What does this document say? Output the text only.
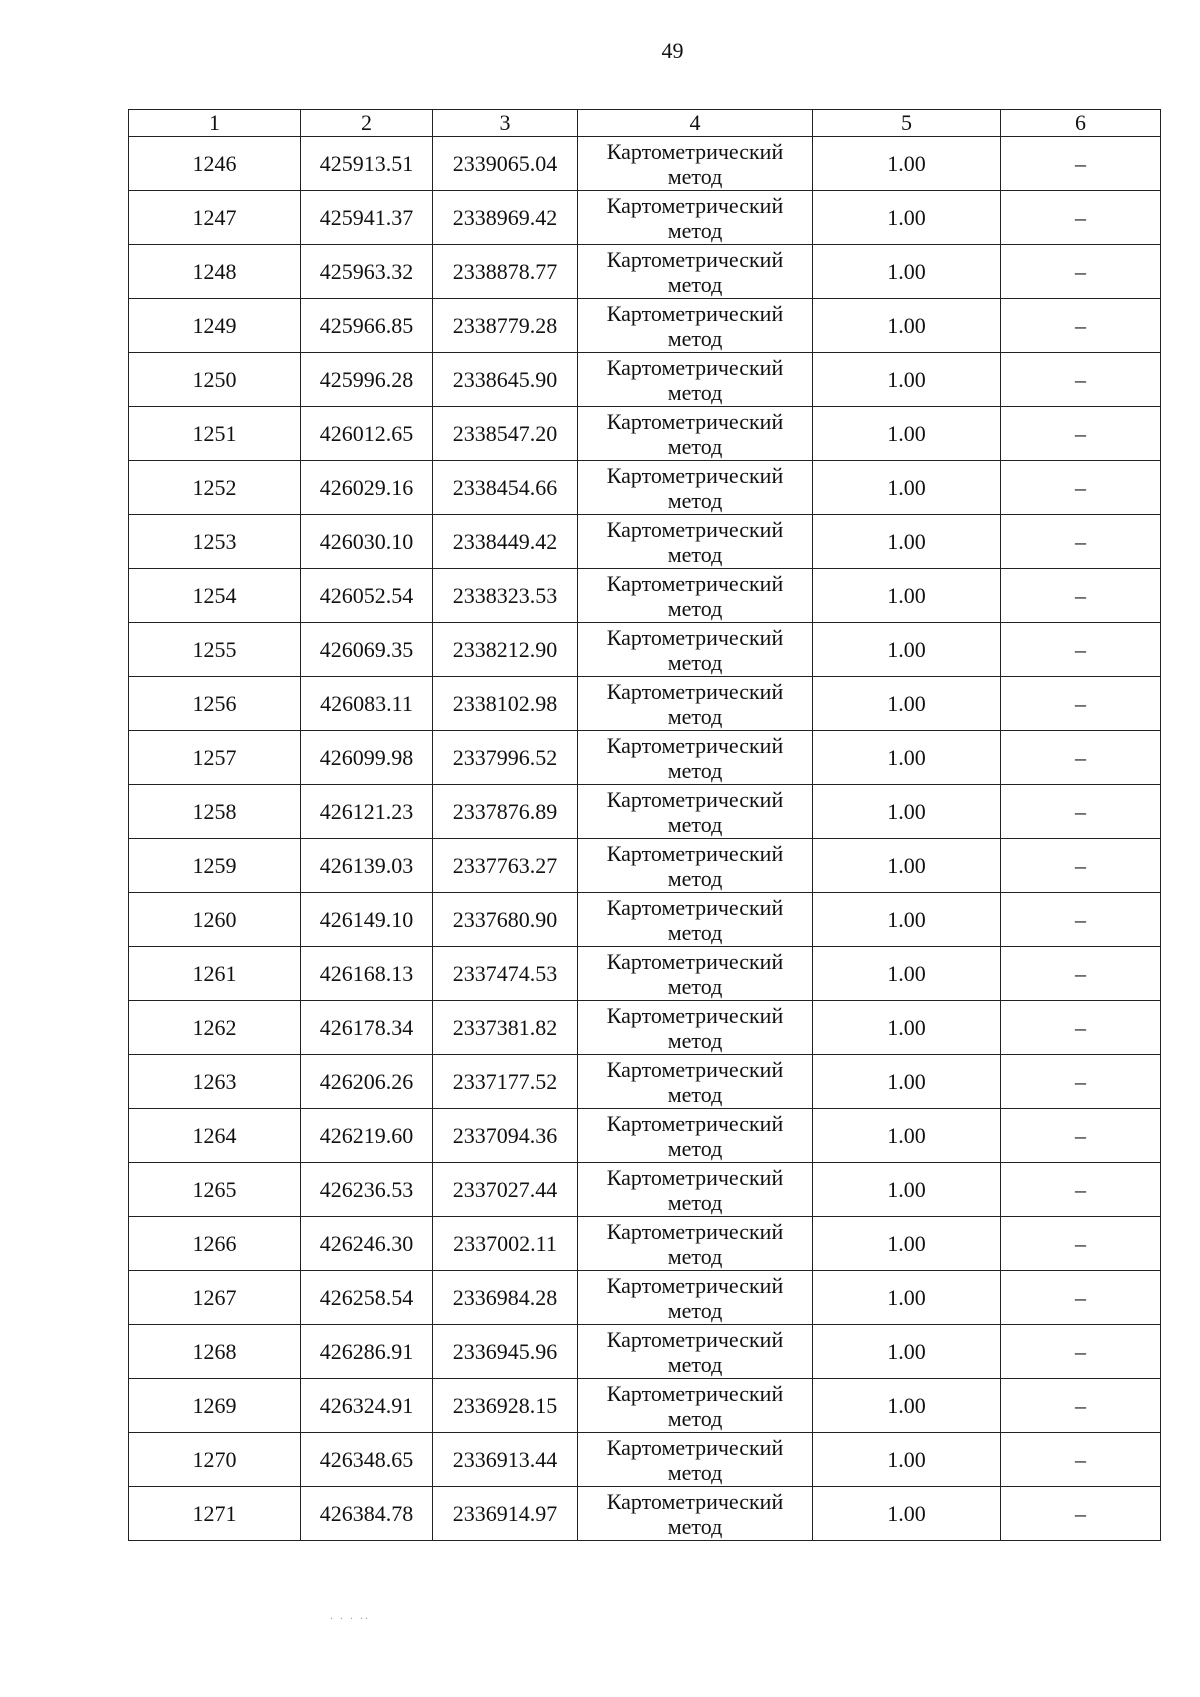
49
1	2	3	4	5	6
1246	425913.51	2339065.04	Картометрический метод	1.00	–
1247	425941.37	2338969.42	Картометрический метод	1.00	–
1248	425963.32	2338878.77	Картометрический метод	1.00	–
1249	425966.85	2338779.28	Картометрический метод	1.00	–
1250	425996.28	2338645.90	Картометрический метод	1.00	–
1251	426012.65	2338547.20	Картометрический метод	1.00	–
1252	426029.16	2338454.66	Картометрический метод	1.00	–
1253	426030.10	2338449.42	Картометрический метод	1.00	–
1254	426052.54	2338323.53	Картометрический метод	1.00	–
1255	426069.35	2338212.90	Картометрический метод	1.00	–
1256	426083.11	2338102.98	Картометрический метод	1.00	–
1257	426099.98	2337996.52	Картометрический метод	1.00	–
1258	426121.23	2337876.89	Картометрический метод	1.00	–
1259	426139.03	2337763.27	Картометрический метод	1.00	–
1260	426149.10	2337680.90	Картометрический метод	1.00	–
1261	426168.13	2337474.53	Картометрический метод	1.00	–
1262	426178.34	2337381.82	Картометрический метод	1.00	–
1263	426206.26	2337177.52	Картометрический метод	1.00	–
1264	426219.60	2337094.36	Картометрический метод	1.00	–
1265	426236.53	2337027.44	Картометрический метод	1.00	–
1266	426246.30	2337002.11	Картометрический метод	1.00	–
1267	426258.54	2336984.28	Картометрический метод	1.00	–
1268	426286.91	2336945.96	Картометрический метод	1.00	–
1269	426324.91	2336928.15	Картометрический метод	1.00	–
1270	426348.65	2336913.44	Картометрический метод	1.00	–
1271	426384.78	2336914.97	Картометрический метод	1.00	–
. . . ..
